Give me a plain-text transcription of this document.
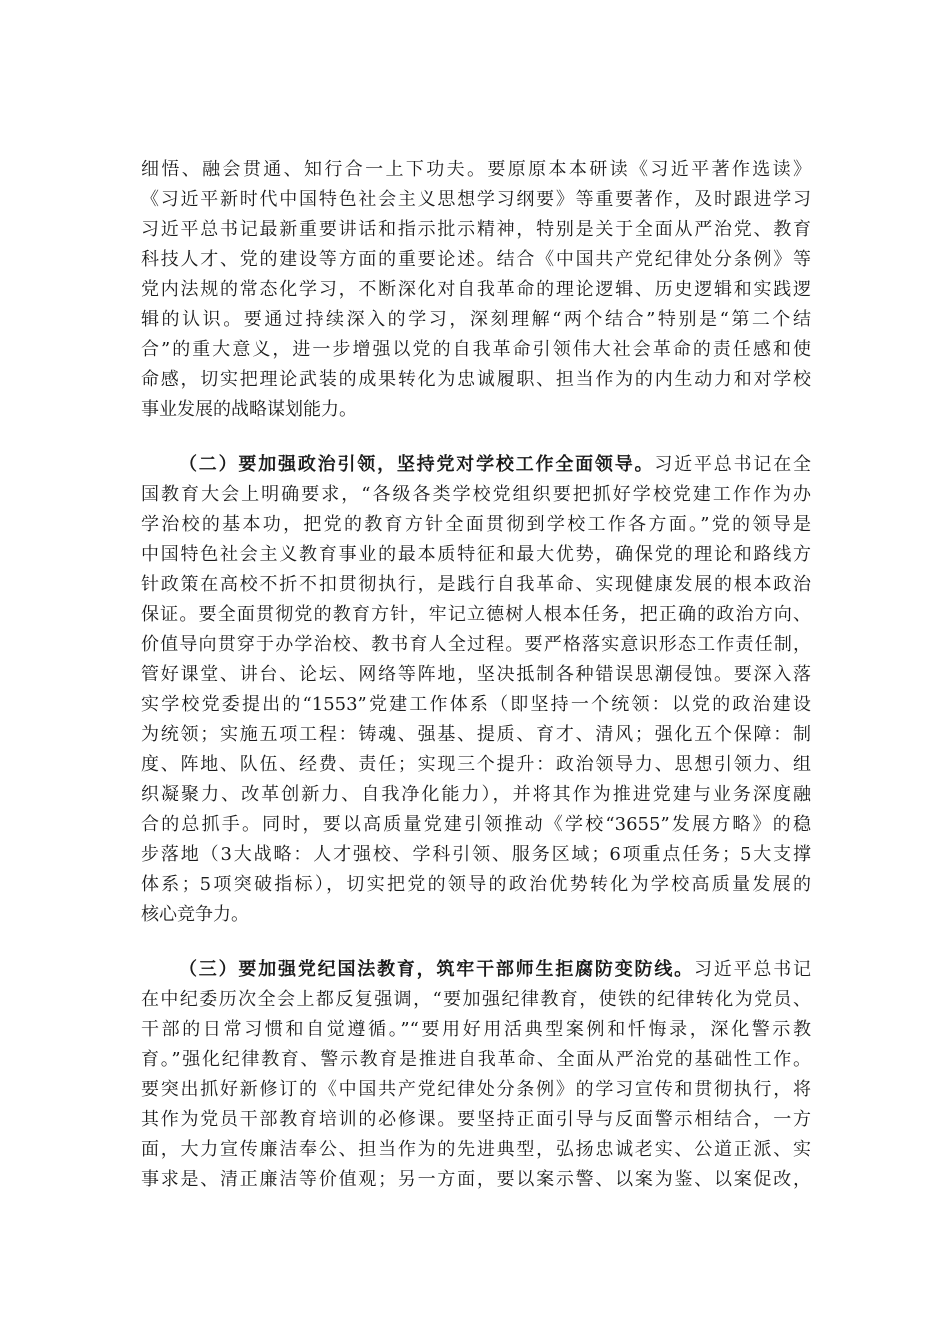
细悟、融会贯通、知行合一上下功夫。要原原本本研读《习近平著作选读》
《习近平新时代中国特色社会主义思想学习纲要》等重要著作，及时跟进学习
习近平总书记最新重要讲话和指示批示精神，特别是关于全面从严治党、教育
科技人才、党的建设等方面的重要论述。结合《中国共产党纪律处分条例》等
党内法规的常态化学习，不断深化对自我革命的理论逻辑、历史逻辑和实践逻
辑的认识。要通过持续深入的学习，深刻理解“两个结合”特别是“第二个结
合”的重大意义，进一步增强以党的自我革命引领伟大社会革命的责任感和使
命感，切实把理论武装的成果转化为忠诚履职、担当作为的内生动力和对学校
事业发展的战略谋划能力。
（二）要加强政治引领，坚持党对学校工作全面领导。习近平总书记在全
国教育大会上明确要求，“各级各类学校党组织要把抓好学校党建工作作为办
学治校的基本功，把党的教育方针全面贯彻到学校工作各方面。”党的领导是
中国特色社会主义教育事业的最本质特征和最大优势，确保党的理论和路线方
针政策在高校不折不扣贯彻执行，是践行自我革命、实现健康发展的根本政治
保证。要全面贯彻党的教育方针，牢记立德树人根本任务，把正确的政治方向、
价值导向贯穿于办学治校、教书育人全过程。要严格落实意识形态工作责任制，
管好课堂、讲台、论坛、网络等阵地，坚决抵制各种错误思潮侵蚀。要深入落
实学校党委提出的“1553”党建工作体系（即坚持一个统领：以党的政治建设
为统领；实施五项工程：铸魂、强基、提质、育才、清风；强化五个保障：制
度、阵地、队伍、经费、责任；实现三个提升：政治领导力、思想引领力、组
织凝聚力、改革创新力、自我净化能力），并将其作为推进党建与业务深度融
合的总抓手。同时，要以高质量党建引领推动《学校“3655”发展方略》的稳
步落地（3大战略：人才强校、学科引领、服务区域；6项重点任务；5大支撑
体系；5项突破指标），切实把党的领导的政治优势转化为学校高质量发展的
核心竞争力。
（三）要加强党纪国法教育，筑牢干部师生拒腐防变防线。习近平总书记
在中纪委历次全会上都反复强调，“要加强纪律教育，使铁的纪律转化为党员、
干部的日常习惯和自觉遵循。”“要用好用活典型案例和忏悔录，深化警示教
育。”强化纪律教育、警示教育是推进自我革命、全面从严治党的基础性工作。
要突出抓好新修订的《中国共产党纪律处分条例》的学习宣传和贯彻执行，将
其作为党员干部教育培训的必修课。要坚持正面引导与反面警示相结合，一方
面，大力宣传廉洁奉公、担当作为的先进典型，弘扬忠诚老实、公道正派、实
事求是、清正廉洁等价值观；另一方面，要以案示警、以案为鉴、以案促改，
